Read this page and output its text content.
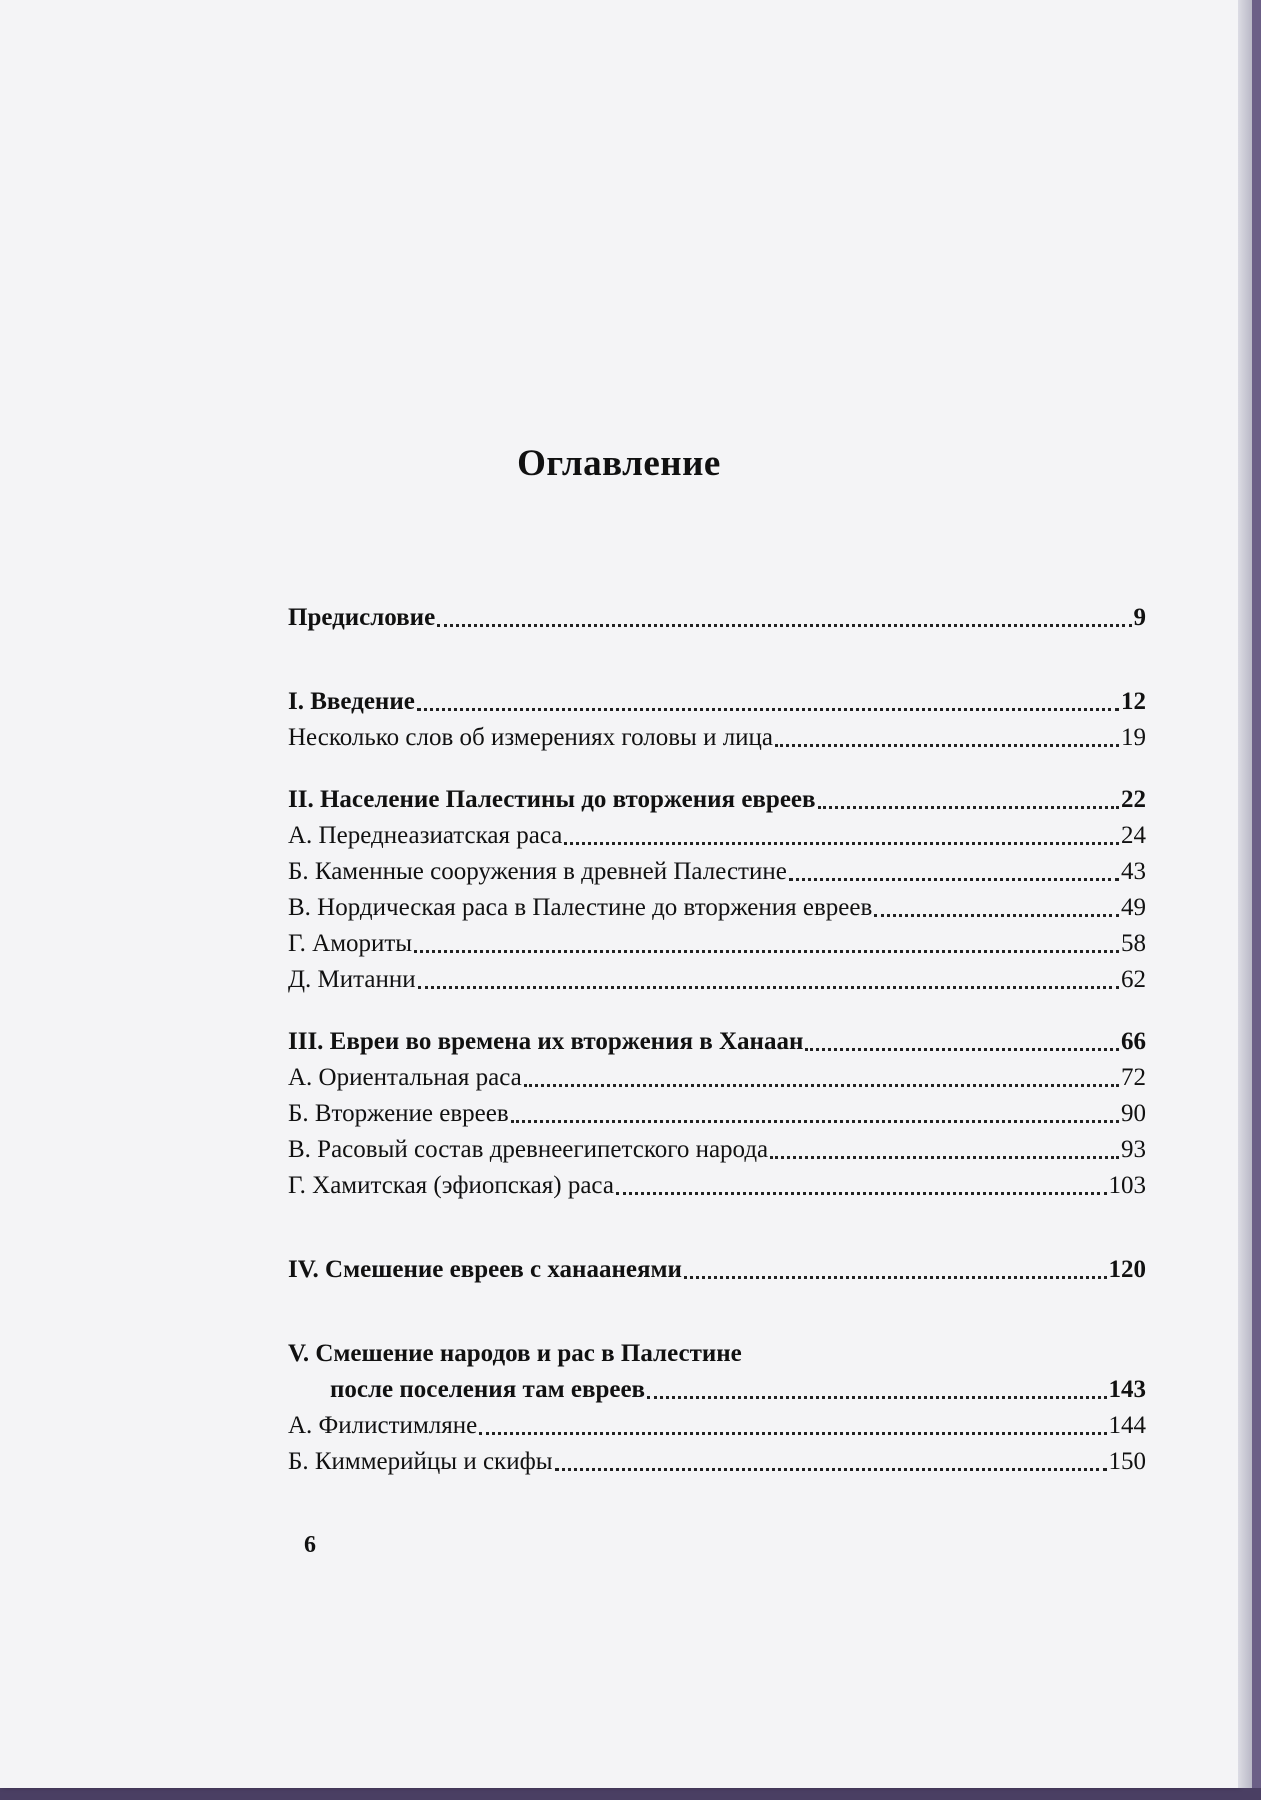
Оглавление
Предисловие	9
I. Введение	12
Несколько слов об измерениях головы и лица	19
II. Население Палестины до вторжения евреев	22
А. Переднеазиатская раса	24
Б. Каменные сооружения в древней Палестине	43
В. Нордическая раса в Палестине до вторжения евреев	49
Г. Амориты	58
Д. Митанни	62
III. Евреи во времена их вторжения в Ханаан	66
А. Ориентальная раса	72
Б. Вторжение евреев	90
В. Расовый состав древнеегипетского народа	93
Г. Хамитская (эфиопская) раса	103
IV. Смешение евреев с ханаанеями	120
V. Смешение народов и рас в Палестине
после поселения там евреев	143
А. Филистимляне	144
Б. Киммерийцы и скифы	150
6
